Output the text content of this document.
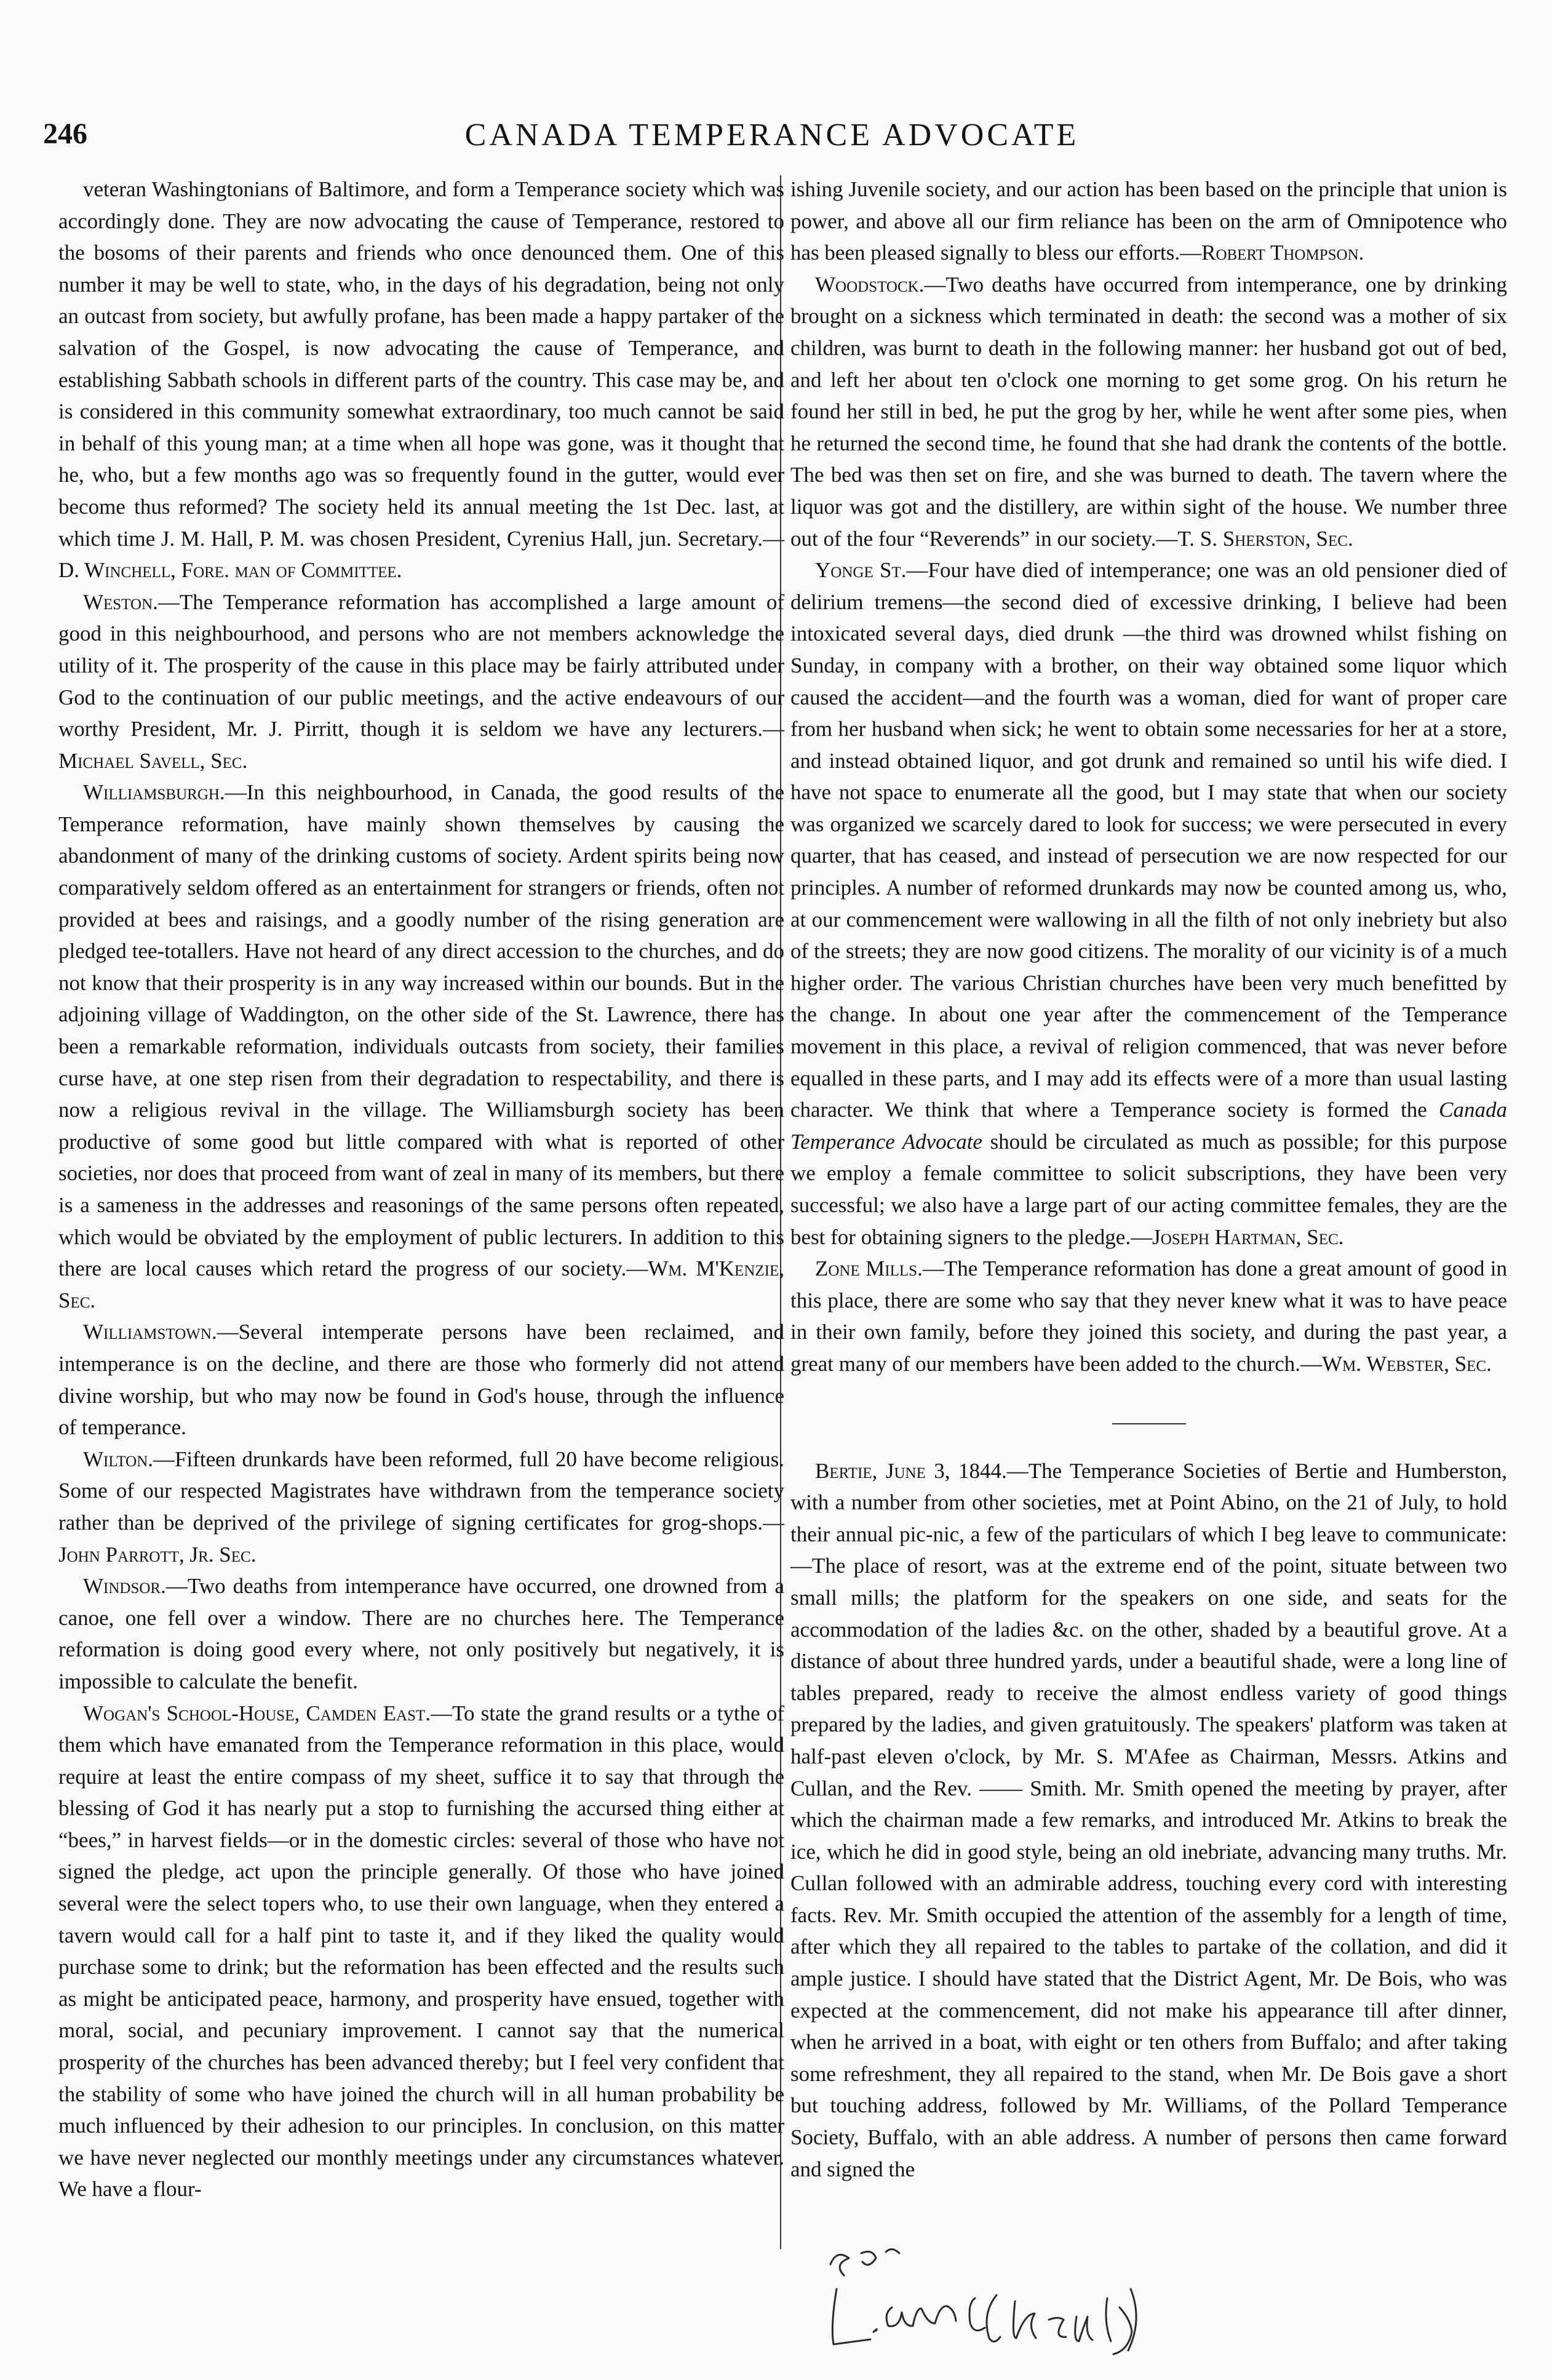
246	CANADA TEMPERANCE ADVOCATE

veteran Washingtonians of Baltimore, and form a Temperance society which was accordingly done. They are now advocating the cause of Temperance, restored to the bosoms of their parents and friends who once denounced them. One of this number it may be well to state, who, in the days of his degradation, being not only an outcast from society, but awfully profane, has been made a happy partaker of the salvation of the Gospel, is now advocating the cause of Temperance, and establishing Sabbath schools in different parts of the country. This case may be, and is considered in this community somewhat extraordinary, too much cannot be said in behalf of this young man; at a time when all hope was gone, was it thought that he, who, but a few months ago was so frequently found in the gutter, would ever become thus reformed? The society held its annual meeting the 1st Dec. last, at which time J. M. Hall, P. M. was chosen President, Cyrenius Hall, jun. Secretary.—D. Winchell, Fore. man of Committee.

Weston.—The Temperance reformation has accomplished a large amount of good in this neighbourhood, and persons who are not members acknowledge the utility of it. The prosperity of the cause in this place may be fairly attributed under God to the continuation of our public meetings, and the active endeavours of our worthy President, Mr. J. Pirritt, though it is seldom we have any lecturers.—Michael Savell, Sec.

Williamsburgh.—In this neighbourhood, in Canada, the good results of the Temperance reformation, have mainly shown themselves by causing the abandonment of many of the drinking customs of society. Ardent spirits being now comparatively seldom offered as an entertainment for strangers or friends, often not provided at bees and raisings, and a goodly number of the rising generation are pledged tee-totallers. Have not heard of any direct accession to the churches, and do not know that their prosperity is in any way increased within our bounds. But in the adjoining village of Waddington, on the other side of the St. Lawrence, there has been a remarkable reformation, individuals outcasts from society, their families curse have, at one step risen from their degradation to respectability, and there is now a religious revival in the village. The Williamsburgh society has been productive of some good but little compared with what is reported of other societies, nor does that proceed from want of zeal in many of its members, but there is a sameness in the addresses and reasonings of the same persons often repeated, which would be obviated by the employment of public lecturers. In addition to this there are local causes which retard the progress of our society.—Wm. M'Kenzie, Sec.

Williamstown.—Several intemperate persons have been reclaimed, and intemperance is on the decline, and there are those who formerly did not attend divine worship, but who may now be found in God's house, through the influence of temperance.

Wilton.—Fifteen drunkards have been reformed, full 20 have become religious. Some of our respected Magistrates have withdrawn from the temperance society rather than be deprived of the privilege of signing certificates for grog-shops.—John Parrott, Jr. Sec.

Windsor.—Two deaths from intemperance have occurred, one drowned from a canoe, one fell over a window. There are no churches here. The Temperance reformation is doing good every where, not only positively but negatively, it is impossible to calculate the benefit.

Wogan's School-House, Camden East.—To state the grand results or a tythe of them which have emanated from the Temperance reformation in this place, would require at least the entire compass of my sheet, suffice it to say that through the blessing of God it has nearly put a stop to furnishing the accursed thing either at “bees,” in harvest fields—or in the domestic circles: several of those who have not signed the pledge, act upon the principle generally. Of those who have joined several were the select topers who, to use their own language, when they entered a tavern would call for a half pint to taste it, and if they liked the quality would purchase some to drink; but the reformation has been effected and the results such as might be anticipated peace, harmony, and prosperity have ensued, together with moral, social, and pecuniary improvement. I cannot say that the numerical prosperity of the churches has been advanced thereby; but I feel very confident that the stability of some who have joined the church will in all human probability be much influenced by their adhesion to our principles. In conclusion, on this matter we have never neglected our monthly meetings under any circumstances whatever. We have a flour-

ishing Juvenile society, and our action has been based on the principle that union is power, and above all our firm reliance has been on the arm of Omnipotence who has been pleased signally to bless our efforts.—Robert Thompson.

Woodstock.—Two deaths have occurred from intemperance, one by drinking brought on a sickness which terminated in death: the second was a mother of six children, was burnt to death in the following manner: her husband got out of bed, and left her about ten o'clock one morning to get some grog. On his return he found her still in bed, he put the grog by her, while he went after some pies, when he returned the second time, he found that she had drank the contents of the bottle. The bed was then set on fire, and she was burned to death. The tavern where the liquor was got and the distillery, are within sight of the house. We number three out of the four “Reverends” in our society.—T. S. Sherston, Sec.

Yonge St.—Four have died of intemperance; one was an old pensioner died of delirium tremens—the second died of excessive drinking, I believe had been intoxicated several days, died drunk —the third was drowned whilst fishing on Sunday, in company with a brother, on their way obtained some liquor which caused the accident—and the fourth was a woman, died for want of proper care from her husband when sick; he went to obtain some necessaries for her at a store, and instead obtained liquor, and got drunk and remained so until his wife died. I have not space to enumerate all the good, but I may state that when our society was organized we scarcely dared to look for success; we were persecuted in every quarter, that has ceased, and instead of persecution we are now respected for our principles. A number of reformed drunkards may now be counted among us, who, at our commencement were wallowing in all the filth of not only inebriety but also of the streets; they are now good citizens. The morality of our vicinity is of a much higher order. The various Christian churches have been very much benefitted by the change. In about one year after the commencement of the Temperance movement in this place, a revival of religion commenced, that was never before equalled in these parts, and I may add its effects were of a more than usual lasting character. We think that where a Temperance society is formed the Canada Temperance Advocate should be circulated as much as possible; for this purpose we employ a female committee to solicit subscriptions, they have been very successful; we also have a large part of our acting committee females, they are the best for obtaining signers to the pledge.—Joseph Hartman, Sec.

Zone Mills.—The Temperance reformation has done a great amount of good in this place, there are some who say that they never knew what it was to have peace in their own family, before they joined this society, and during the past year, a great many of our members have been added to the church.—Wm. Webster, Sec.

Bertie, June 3, 1844.—The Temperance Societies of Bertie and Humberston, with a number from other societies, met at Point Abino, on the 21 of July, to hold their annual pic-nic, a few of the particulars of which I beg leave to communicate:—The place of resort, was at the extreme end of the point, situate between two small mills; the platform for the speakers on one side, and seats for the accommodation of the ladies &c. on the other, shaded by a beautiful grove. At a distance of about three hundred yards, under a beautiful shade, were a long line of tables prepared, ready to receive the almost endless variety of good things prepared by the ladies, and given gratuitously. The speakers' platform was taken at half-past eleven o'clock, by Mr. S. M'Afee as Chairman, Messrs. Atkins and Cullan, and the Rev. —— Smith. Mr. Smith opened the meeting by prayer, after which the chairman made a few remarks, and introduced Mr. Atkins to break the ice, which he did in good style, being an old inebriate, advancing many truths. Mr. Cullan followed with an admirable address, touching every cord with interesting facts. Rev. Mr. Smith occupied the attention of the assembly for a length of time, after which they all repaired to the tables to partake of the collation, and did it ample justice. I should have stated that the District Agent, Mr. De Bois, who was expected at the commencement, did not make his appearance till after dinner, when he arrived in a boat, with eight or ten others from Buffalo; and after taking some refreshment, they all repaired to the stand, when Mr. De Bois gave a short but touching address, followed by Mr. Williams, of the Pollard Temperance Society, Buffalo, with an able address. A number of persons then came forward and signed the
